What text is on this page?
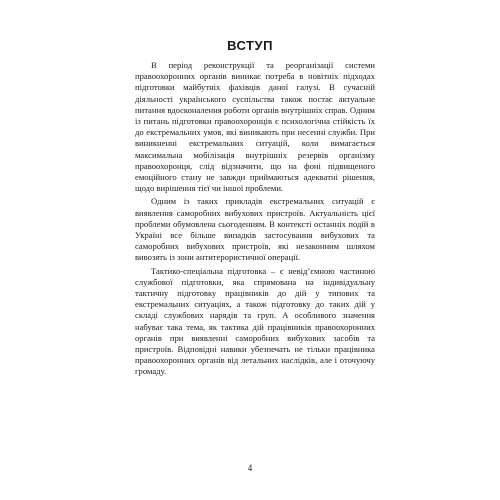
ВСТУП

В період реконструкції та реорганізації системи правоохоронних органів виникає потреба в новітніх підходах підготовки майбутніх фахівців даної галузі. В сучасній діяльності українського суспільства також постає актуальне питання вдосконалення роботи органів внутрішніх справ. Одним із питань підготовки правоохоронців є психологічна стійкість їх до екстремальних умов, які виникають при несенні служби. При виникненні екстремальних ситуацій, коли вимагається максимальна мобілізація внутрішніх резервів організму правоохоронця, слід відзначити, що на фоні підвищеного емоційного стану не завжди приймаються адекватні рішення, щодо вирішення тієї чи іншої проблеми.

Одним із таких прикладів екстремальних ситуацій є виявлення саморобних вибухових пристроїв. Актуальність цієї проблеми обумовлена сьогоденням. В контексті останніх подій в Україні все більше випадків застосування вибухових та саморобних вибухових пристроїв, які незаконним шляхом вивозять із зони антитерористичної операції.

Тактико-спеціальна підготовка – є невід’ємною частиною службової підготовки, яка спрямована на індивідуальну тактичну підготовку працівників до дій у типових та екстремальних ситуаціях, а також підготовку до таких дій у складі службових нарядів та груп. А особливого значення набуває така тема, як тактика дій працівників правоохоронних органів при виявленні саморобних вибухових засобів та пристроїв. Відповідні навики убезпечать не тільки працівника правоохоронних органів від летальних наслідків, але і оточуючу громаду.

4
